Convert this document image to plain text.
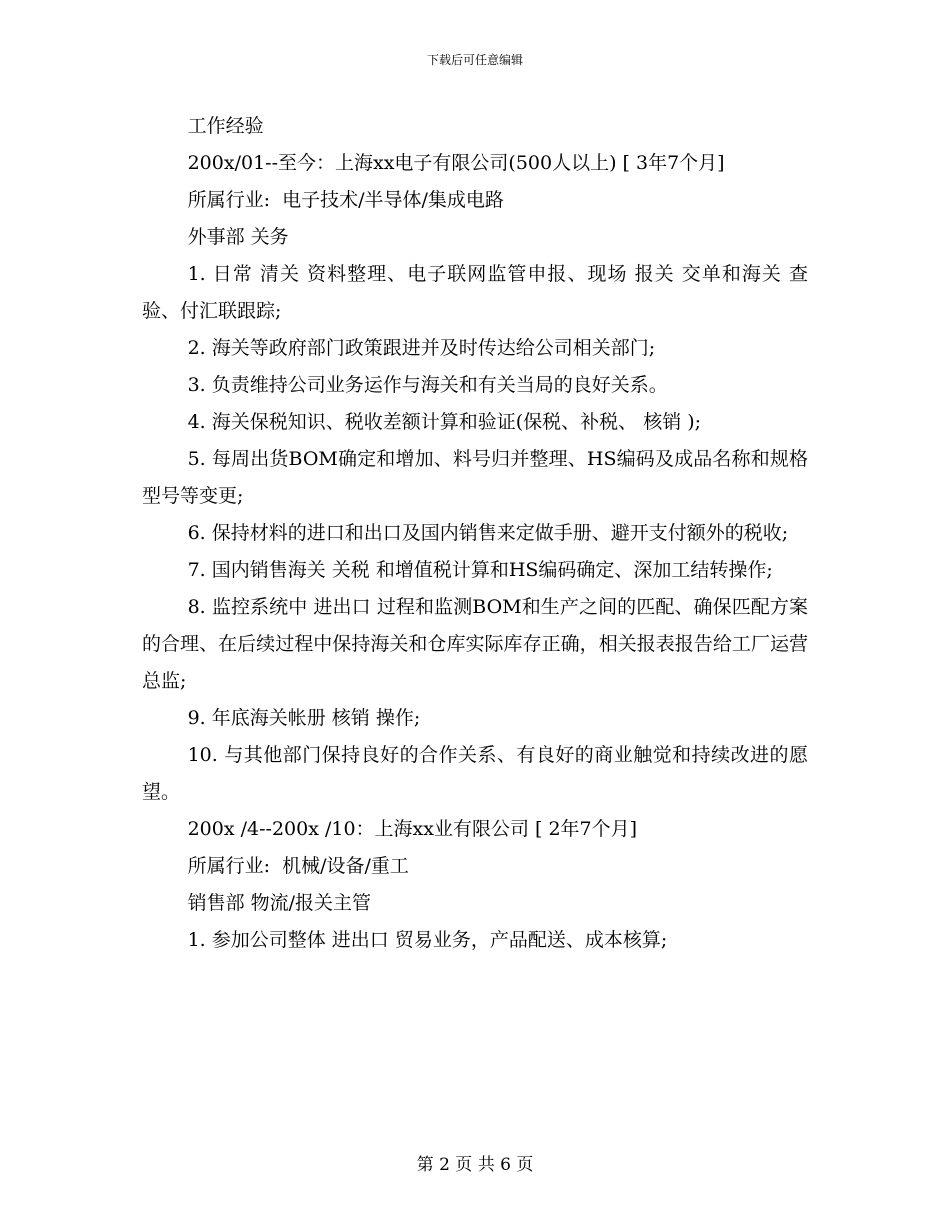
下载后可任意编辑

工作经验

200x/01--至今：上海xx电子有限公司(500人以上) [ 3年7个月]

所属行业:  电子技术/半导体/集成电路

外事部 关务

1. 日常 清关 资料整理、电子联网监管申报、现场 报关 交单和海关 查验、付汇联跟踪;

2. 海关等政府部门政策跟进并及时传达给公司相关部门;

3. 负责维持公司业务运作与海关和有关当局的良好关系。

4. 海关保税知识、税收差额计算和验证(保税、补税、 核销 );

5. 每周出货BOM确定和增加、料号归并整理、HS编码及成品名称和规格型号等变更;

6. 保持材料的进口和出口及国内销售来定做手册、避开支付额外的税收;

7. 国内销售海关 关税 和增值税计算和HS编码确定、深加工结转操作;

8. 监控系统中 进出口 过程和监测BOM和生产之间的匹配、确保匹配方案的合理、在后续过程中保持海关和仓库实际库存正确，相关报表报告给工厂运营总监;

9. 年底海关帐册 核销 操作;

10. 与其他部门保持良好的合作关系、有良好的商业触觉和持续改进的愿望。

200x /4--200x /10：上海xx业有限公司 [ 2年7个月]

所属行业:  机械/设备/重工

销售部 物流/报关主管

1. 参加公司整体 进出口 贸易业务，产品配送、成本核算;

第 2 页 共 6 页
